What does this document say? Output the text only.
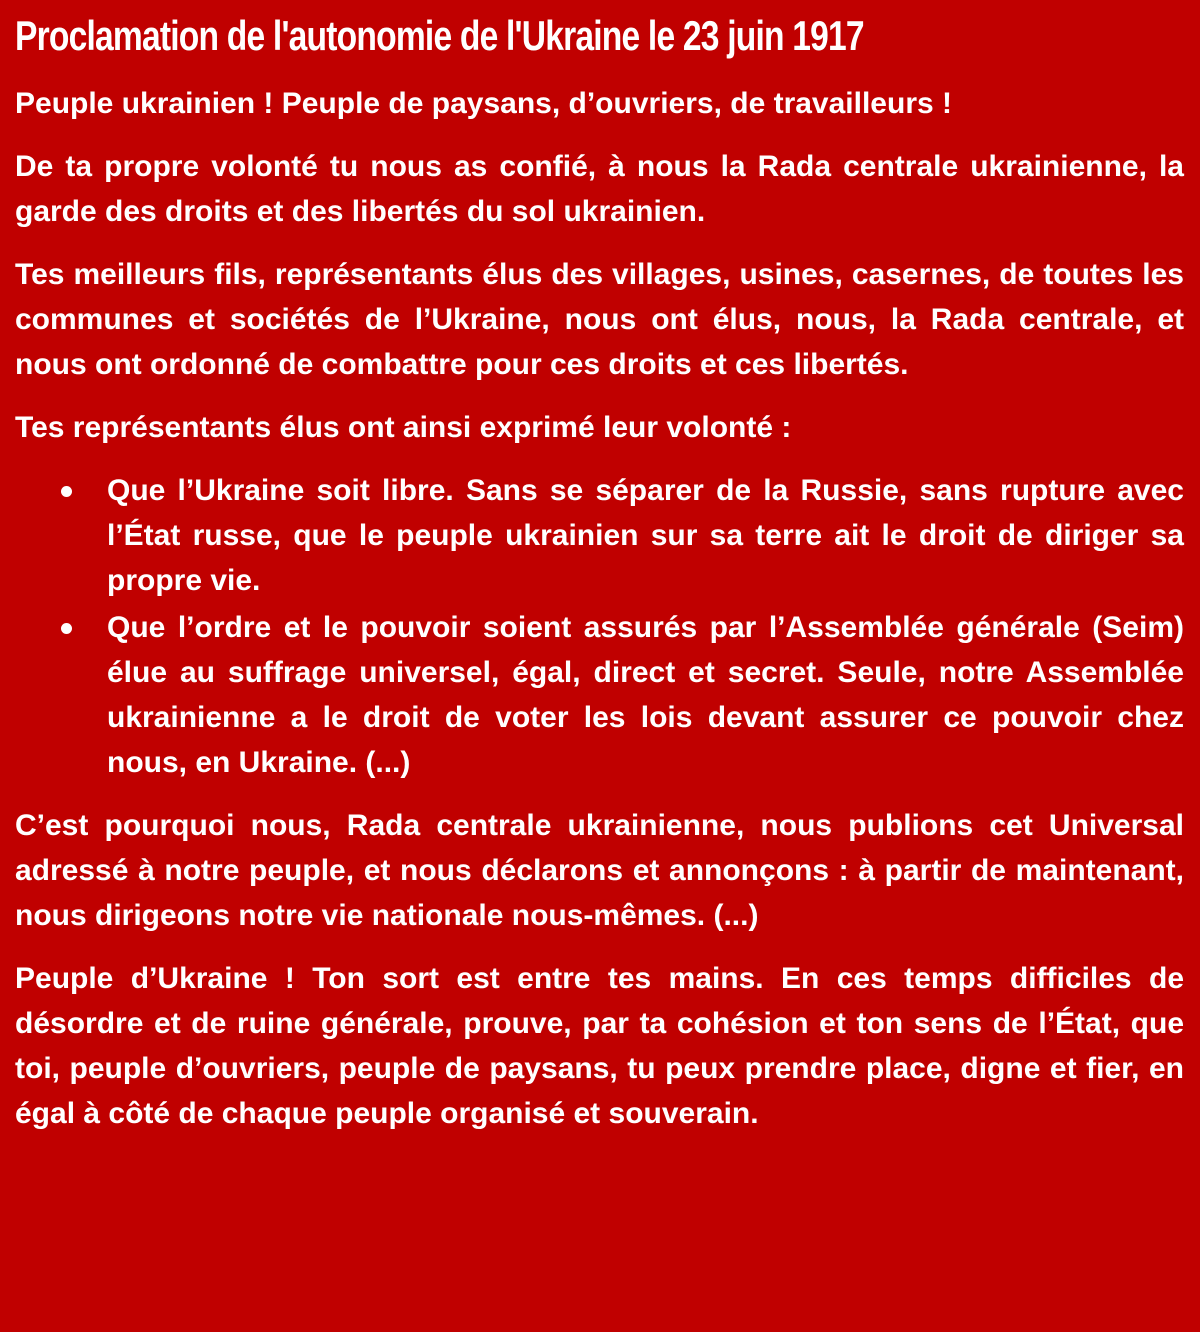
Proclamation de l'autonomie de l'Ukraine le 23 juin 1917

Peuple ukrainien ! Peuple de paysans, d’ouvriers, de travailleurs !

De ta propre volonté tu nous as confié, à nous la Rada centrale ukrainienne, la garde des droits et des libertés du sol ukrainien.

Tes meilleurs fils, représentants élus des villages, usines, casernes, de toutes les communes et sociétés de l’Ukraine, nous ont élus, nous, la Rada centrale, et nous ont ordonné de combattre pour ces droits et ces libertés.

Tes représentants élus ont ainsi exprimé leur volonté :

Que l’Ukraine soit libre. Sans se séparer de la Russie, sans rupture avec l’État russe, que le peuple ukrainien sur sa terre ait le droit de diriger sa propre vie.
Que l’ordre et le pouvoir soient assurés par l’Assemblée générale (Seim) élue au suffrage universel, égal, direct et secret. Seule, notre Assemblée ukrainienne a le droit de voter les lois devant assurer ce pouvoir chez nous, en Ukraine. (...)

C’est pourquoi nous, Rada centrale ukrainienne, nous publions cet Universal adressé à notre peuple, et nous déclarons et annonçons : à partir de maintenant, nous dirigeons notre vie nationale nous-mêmes. (...)

Peuple d’Ukraine ! Ton sort est entre tes mains. En ces temps difficiles de désordre et de ruine générale, prouve, par ta cohésion et ton sens de l’État, que toi, peuple d’ouvriers, peuple de paysans, tu peux prendre place, digne et fier, en égal à côté de chaque peuple organisé et souverain.
